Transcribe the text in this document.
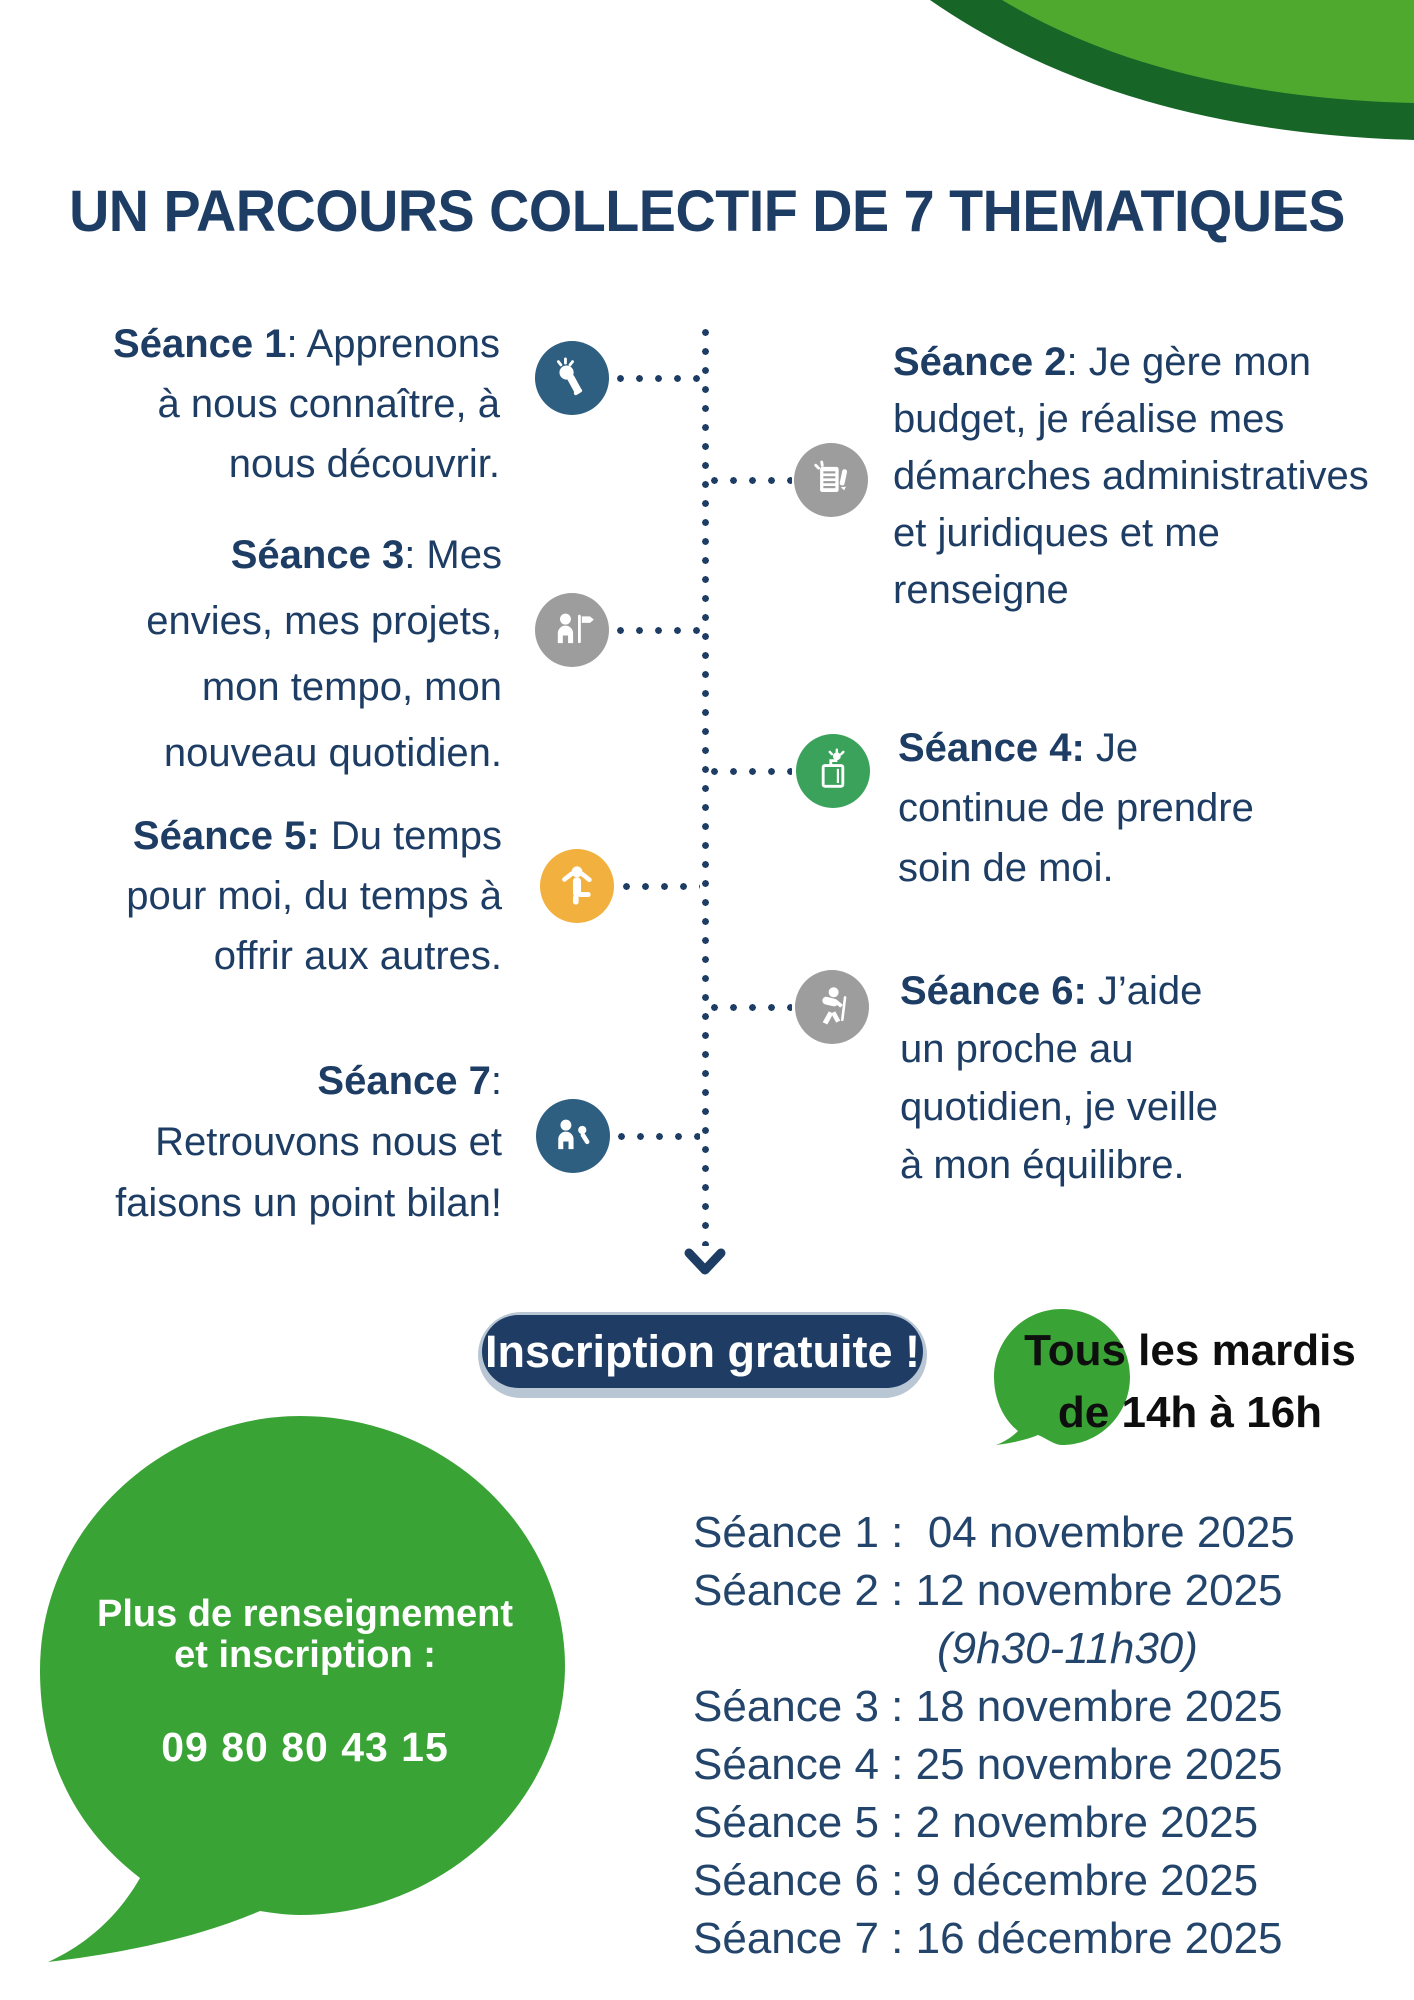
UN PARCOURS COLLECTIF DE 7 THEMATIQUES
Séance 1: Apprenons
à nous connaître, à
nous découvrir.
Séance 2: Je gère mon
budget, je réalise mes
démarches administratives
et juridiques et me
renseigne
Séance 3: Mes
envies, mes projets,
mon tempo, mon
nouveau quotidien.	Séance 4: Je
continue de prendre
soin de moi.
Séance 5: Du temps
pour moi, du temps à
offrir aux autres.
Séance 6: J’aide
un proche au
quotidien, je veille
à mon équilibre.
Séance 7:
Retrouvons nous et
faisons un point bilan!
Inscription gratuite !	Tous les mardis
de 14h à 16h
Plus de renseignement
et inscription :
09 80 80 43 15
Séance 1 :  04 novembre 2025
Séance 2 : 12 novembre 2025
(9h30-11h30)
Séance 3 : 18 novembre 2025
Séance 4 : 25 novembre 2025
Séance 5 : 2 novembre 2025
Séance 6 : 9 décembre 2025
Séance 7 : 16 décembre 2025
